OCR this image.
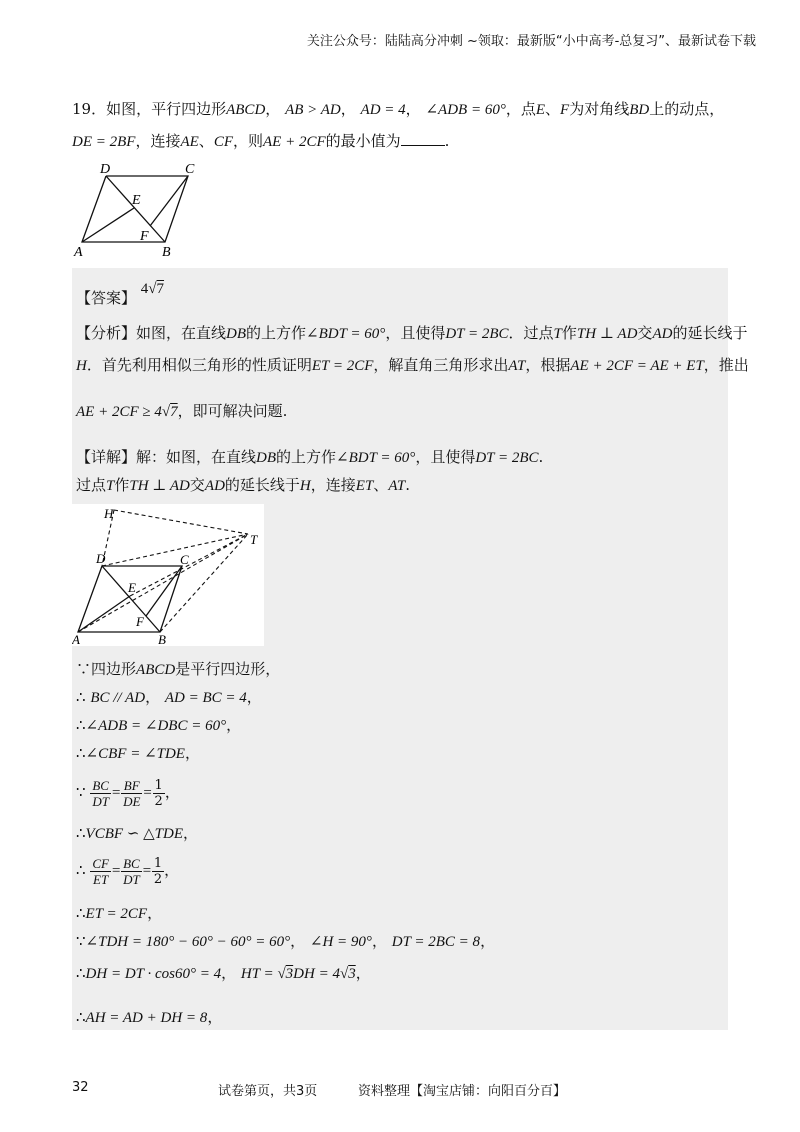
关注公众号：陆陆高分冲刺 ~领取：最新版“小中高考-总复习”、最新试卷下载
19．如图，平行四边形ABCD， AB > AD， AD = 4， ∠ADB = 60°，点E、F为对角线BD上的动点，
DE = 2BF，连接AE、CF，则AE + 2CF的最小值为	.
D	C
E
F
A	B
【答案】 4√7
【分析】如图，在直线DB的上方作∠BDT = 60°，且使得DT = 2BC．过点T作TH ⊥ AD交AD的延长线于
H．首先利用相似三角形的性质证明ET = 2CF，解直角三角形求出AT，根据AE + 2CF = AE + ET，推出
AE + 2CF ≥ 4√7，即可解决问题.
【详解】解：如图，在直线DB的上方作∠BDT = 60°，且使得DT = 2BC.
过点T作TH ⊥ AD交AD的延长线于H，连接ET、AT.
H
T
D	C
E
F
A	B
∵四边形ABCD是平行四边形，
∴ BC // AD， AD = BC = 4，
∴∠ADB = ∠DBC = 60°，
∴∠CBF = ∠TDE，
∵ $\frac{BC}{DT} = \frac{BF}{DE} = \frac{1}{2}$ ，
∴VCBF ∽ △TDE，
∴ $\frac{CF}{ET} = \frac{BC}{DT} = \frac{1}{2}$ ，
∴ET = 2CF，
∵∠TDH = 180° − 60° − 60° = 60°， ∠H = 90°， DT = 2BC = 8，
∴DH = DT · cos60° = 4， HT = √3DH = 4√3，
∴AH = AD + DH = 8，
32	试卷第页，共3页	资料整理【淘宝店铺：向阳百分百】
